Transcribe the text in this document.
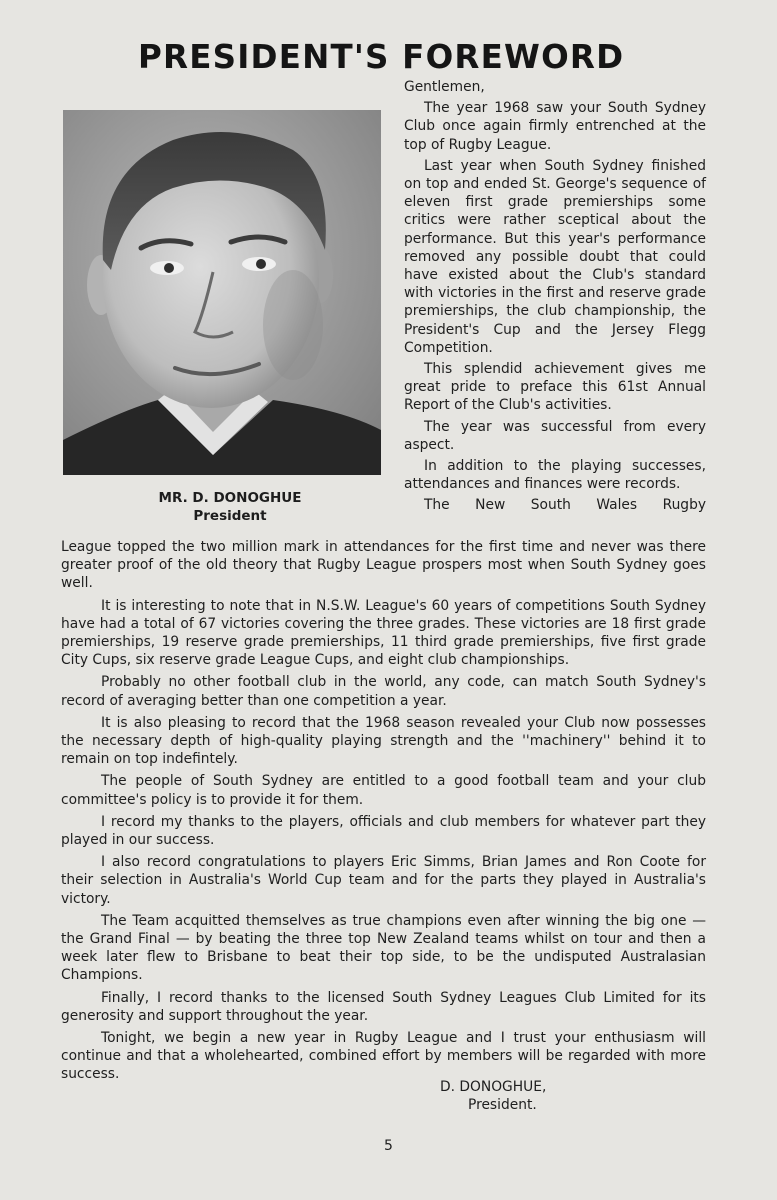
PRESIDENT'S FOREWORD
MR. D. DONOGHUE
President

Gentlemen,

The year 1968 saw your South Sydney Club once again firmly entrenched at the top of Rugby League.

Last year when South Sydney finished on top and ended St. George's sequence of eleven first grade premierships some critics were rather sceptical about the performance. But this year's performance removed any possible doubt that could have existed about the Club's standard with victories in the first and reserve grade premierships, the club championship, the President's Cup and the Jersey Flegg Competition.

This splendid achievement gives me great pride to preface this 61st Annual Report of the Club's activities.

The year was successful from every aspect.

In addition to the playing successes, attendances and finances were records.

The New South Wales Rugby

League topped the two million mark in attendances for the first time and never was there greater proof of the old theory that Rugby League prospers most when South Sydney goes well.

It is interesting to note that in N.S.W. League's 60 years of competitions South Sydney have had a total of 67 victories covering the three grades. These victories are 18 first grade premierships, 19 reserve grade premierships, 11 third grade premierships, five first grade City Cups, six reserve grade League Cups, and eight club championships.

Probably no other football club in the world, any code, can match South Sydney's record of averaging better than one competition a year.

It is also pleasing to record that the 1968 season revealed your Club now possesses the necessary depth of high-quality playing strength and the ''machinery'' behind it to remain on top indefintely.

The people of South Sydney are entitled to a good football team and your club committee's policy is to provide it for them.

I record my thanks to the players, officials and club members for whatever part they played in our success.

I also record congratulations to players Eric Simms, Brian James and Ron Coote for their selection in Australia's World Cup team and for the parts they played in Australia's victory.

The Team acquitted themselves as true champions even after winning the big one — the Grand Final — by beating the three top New Zealand teams whilst on tour and then a week later flew to Brisbane to beat their top side, to be the undisputed Australasian Champions.

Finally, I record thanks to the licensed South Sydney Leagues Club Limited for its generosity and support throughout the year.

Tonight, we begin a new year in Rugby League and I trust your enthusiasm will continue and that a wholehearted, combined effort by members will be regarded with more success.

D. DONOGHUE,
President.
5
